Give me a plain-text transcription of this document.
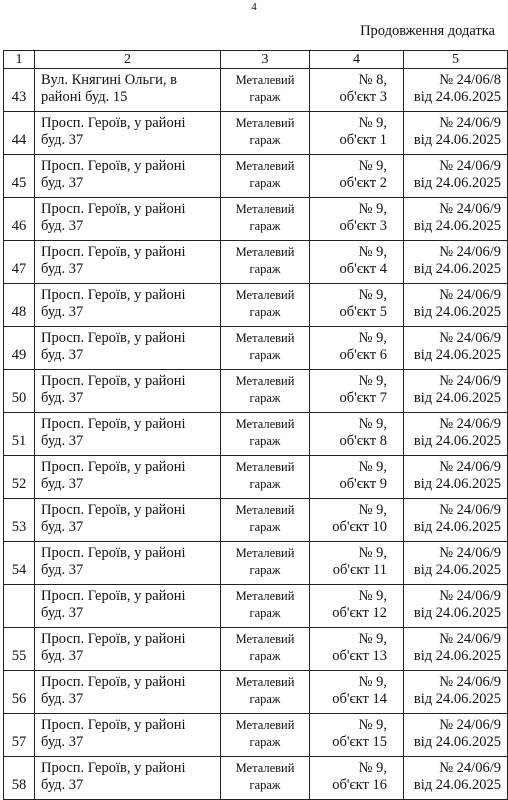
4
Продовження додатка
1	2	3	4	5
43	Вул. Княгині Ольги, в
районі буд. 15	Металевий
гараж	№ 8,
об'єкт 3	№ 24/06/8
від 24.06.2025

44	Просп. Героїв, у районі
буд. 37	Металевий
гараж	№ 9,
об'єкт 1	№ 24/06/9
від 24.06.2025

45	Просп. Героїв, у районі
буд. 37	Металевий
гараж	№ 9,
об'єкт 2	№ 24/06/9
від 24.06.2025

46	Просп. Героїв, у районі
буд. 37	Металевий
гараж	№ 9,
об'єкт 3	№ 24/06/9
від 24.06.2025

47	Просп. Героїв, у районі
буд. 37	Металевий
гараж	№ 9,
об'єкт 4	№ 24/06/9
від 24.06.2025

48	Просп. Героїв, у районі
буд. 37	Металевий
гараж	№ 9,
об'єкт 5	№ 24/06/9
від 24.06.2025

49	Просп. Героїв, у районі
буд. 37	Металевий
гараж	№ 9,
об'єкт 6	№ 24/06/9
від 24.06.2025

50	Просп. Героїв, у районі
буд. 37	Металевий
гараж	№ 9,
об'єкт 7	№ 24/06/9
від 24.06.2025

51	Просп. Героїв, у районі
буд. 37	Металевий
гараж	№ 9,
об'єкт 8	№ 24/06/9
від 24.06.2025

52	Просп. Героїв, у районі
буд. 37	Металевий
гараж	№ 9,
об'єкт 9	№ 24/06/9
від 24.06.2025

53	Просп. Героїв, у районі
буд. 37	Металевий
гараж	№ 9,
об'єкт 10	№ 24/06/9
від 24.06.2025

54	Просп. Героїв, у районі
буд. 37	Металевий
гараж	№ 9,
об'єкт 11	№ 24/06/9
від 24.06.2025

	Просп. Героїв, у районі
буд. 37	Металевий
гараж	№ 9,
об'єкт 12	№ 24/06/9
від 24.06.2025

55	Просп. Героїв, у районі
буд. 37	Металевий
гараж	№ 9,
об'єкт 13	№ 24/06/9
від 24.06.2025

56	Просп. Героїв, у районі
буд. 37	Металевий
гараж	№ 9,
об'єкт 14	№ 24/06/9
від 24.06.2025

57	Просп. Героїв, у районі
буд. 37	Металевий
гараж	№ 9,
об'єкт 15	№ 24/06/9
від 24.06.2025

58	Просп. Героїв, у районі
буд. 37	Металевий
гараж	№ 9,
об'єкт 16	№ 24/06/9
від 24.06.2025
